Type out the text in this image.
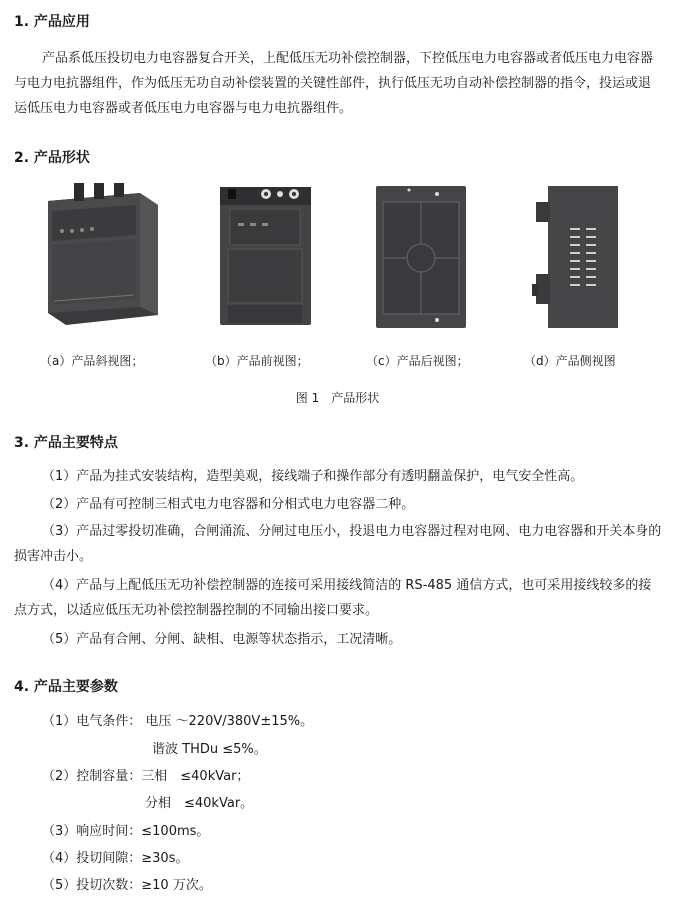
1. 产品应用
产品系低压投切电力电容器复合开关，上配低压无功补偿控制器，下控低压电力电容器或者低压电力电容器与电力电抗器组件，作为低压无功自动补偿装置的关键性部件，执行低压无功自动补偿控制器的指令，投运或退运低压电力电容器或者低压电力电容器与电力电抗器组件。
2. 产品形状
（a）产品斜视图；	（b）产品前视图；	（c）产品后视图；	（d）产品侧视图
图 1　产品形状
3. 产品主要特点
（1）产品为挂式安装结构，造型美观，接线端子和操作部分有透明翻盖保护，电气安全性高。
（2）产品有可控制三相式电力电容器和分相式电力电容器二种。
（3）产品过零投切准确，合闸涌流、分闸过电压小，投退电力电容器过程对电网、电力电容器和开关本身的损害冲击小。
（4）产品与上配低压无功补偿控制器的连接可采用接线简洁的 RS-485 通信方式，也可采用接线较多的接点方式，以适应低压无功补偿控制器控制的不同输出接口要求。
（5）产品有合闸、分闸、缺相、电源等状态指示，工况清晰。
4. 产品主要参数
（1）电气条件： 电压 ～220V/380V±15%。
谐波 THDu ≤5%。
（2）控制容量：三相　≤40kVar；
分相　≤40kVar。
（3）响应时间：≤100ms。
（4）投切间隙：≥30s。
（5）投切次数：≥10 万次。
